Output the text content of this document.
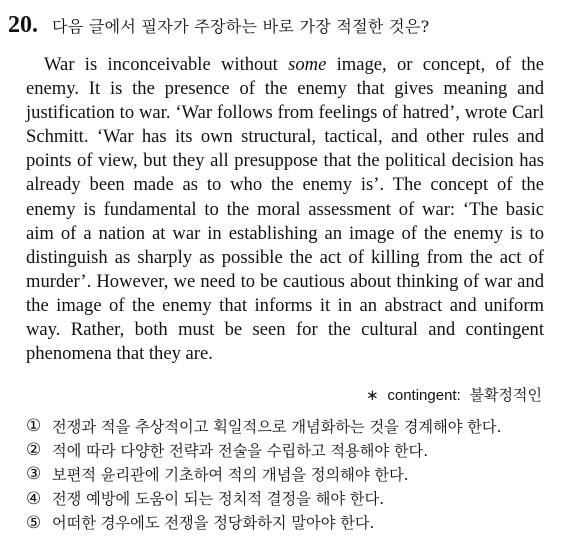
20. 다음 글에서 필자가 주장하는 바로 가장 적절한 것은?

War is inconceivable without some image, or concept, of the enemy. It is the presence of the enemy that gives meaning and justification to war. ‘War follows from feelings of hatred’, wrote Carl Schmitt. ‘War has its own structural, tactical, and other rules and points of view, but they all presuppose that the political decision has already been made as to who the enemy is’. The concept of the enemy is fundamental to the moral assessment of war: ‘The basic aim of a nation at war in establishing an image of the enemy is to distinguish as sharply as possible the act of killing from the act of murder’. However, we need to be cautious about thinking of war and the image of the enemy that informs it in an abstract and uniform way. Rather, both must be seen for the cultural and contingent phenomena that they are.

∗ contingent: 불확정적인
① 전쟁과 적을 추상적이고 획일적으로 개념화하는 것을 경계해야 한다.
② 적에 따라 다양한 전략과 전술을 수립하고 적용해야 한다.
③ 보편적 윤리관에 기초하여 적의 개념을 정의해야 한다.
④ 전쟁 예방에 도움이 되는 정치적 결정을 해야 한다.
⑤ 어떠한 경우에도 전쟁을 정당화하지 말아야 한다.
